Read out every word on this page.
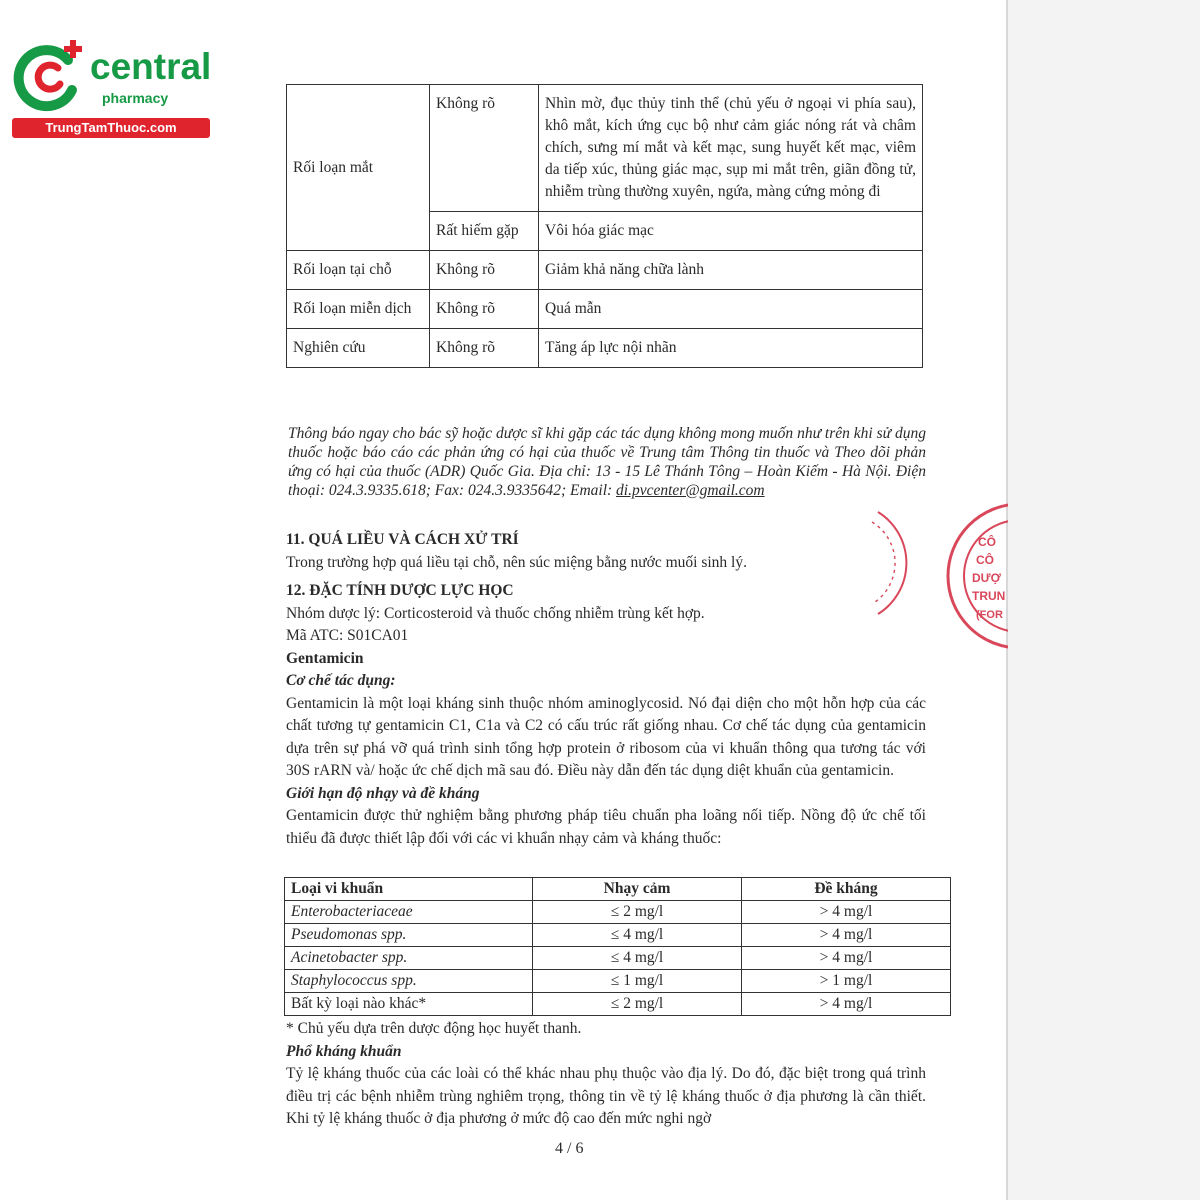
central
pharmacy
TrungTamThuoc.com
Rối loạn mắt	Không rõ	Nhìn mờ, đục thủy tinh thể (chủ yếu ở ngoại vi phía sau), khô mắt, kích ứng cục bộ như cảm giác nóng rát và châm chích, sưng mí mắt và kết mạc, sung huyết kết mạc, viêm da tiếp xúc, thủng giác mạc, sụp mi mắt trên, giãn đồng tử, nhiễm trùng thường xuyên, ngứa, màng cứng mỏng đi
	Rất hiếm gặp	Vôi hóa giác mạc
Rối loạn tại chỗ	Không rõ	Giảm khả năng chữa lành
Rối loạn miễn dịch	Không rõ	Quá mẫn
Nghiên cứu	Không rõ	Tăng áp lực nội nhãn
Thông báo ngay cho bác sỹ hoặc dược sĩ khi gặp các tác dụng không mong muốn như trên khi sử dụng thuốc hoặc báo cáo các phản ứng có hại của thuốc về Trung tâm Thông tin thuốc và Theo dõi phản ứng có hại của thuốc (ADR) Quốc Gia. Địa chỉ: 13 - 15 Lê Thánh Tông – Hoàn Kiếm - Hà Nội. Điện thoại: 024.3.9335.618; Fax: 024.3.9335642; Email: di.pvcenter@gmail.com
11. QUÁ LIỀU VÀ CÁCH XỬ TRÍ
Trong trường hợp quá liều tại chỗ, nên súc miệng bằng nước muối sinh lý.
12. ĐẶC TÍNH DƯỢC LỰC HỌC
Nhóm dược lý: Corticosteroid và thuốc chống nhiễm trùng kết hợp.
Mã ATC: S01CA01
Gentamicin
Cơ chế tác dụng:
Gentamicin là một loại kháng sinh thuộc nhóm aminoglycosid. Nó đại diện cho một hỗn hợp của các chất tương tự gentamicin C1, C1a và C2 có cấu trúc rất giống nhau. Cơ chế tác dụng của gentamicin dựa trên sự phá vỡ quá trình sinh tổng hợp protein ở ribosom của vi khuẩn thông qua tương tác với 30S rARN và/ hoặc ức chế dịch mã sau đó. Điều này dẫn đến tác dụng diệt khuẩn của gentamicin.
Giới hạn độ nhạy và đề kháng
Gentamicin được thử nghiệm bằng phương pháp tiêu chuẩn pha loãng nối tiếp. Nồng độ ức chế tối thiểu đã được thiết lập đối với các vi khuẩn nhạy cảm và kháng thuốc:
Loại vi khuẩn	Nhạy cảm	Đề kháng
Enterobacteriaceae	≤ 2 mg/l	> 4 mg/l
Pseudomonas spp.	≤ 4 mg/l	> 4 mg/l
Acinetobacter spp.	≤ 4 mg/l	> 4 mg/l
Staphylococcus spp.	≤ 1 mg/l	> 1 mg/l
Bất kỳ loại nào khác*	≤ 2 mg/l	> 4 mg/l
* Chủ yếu dựa trên dược động học huyết thanh.
Phổ kháng khuẩn
Tỷ lệ kháng thuốc của các loài có thể khác nhau phụ thuộc vào địa lý. Do đó, đặc biệt trong quá trình điều trị các bệnh nhiễm trùng nghiêm trọng, thông tin về tỷ lệ kháng thuốc ở địa phương là cần thiết. Khi tỷ lệ kháng thuốc ở địa phương ở mức độ cao đến mức nghi ngờ
4 / 6
CÔ
CÔ
DƯỢ
TRUN
(FOR
